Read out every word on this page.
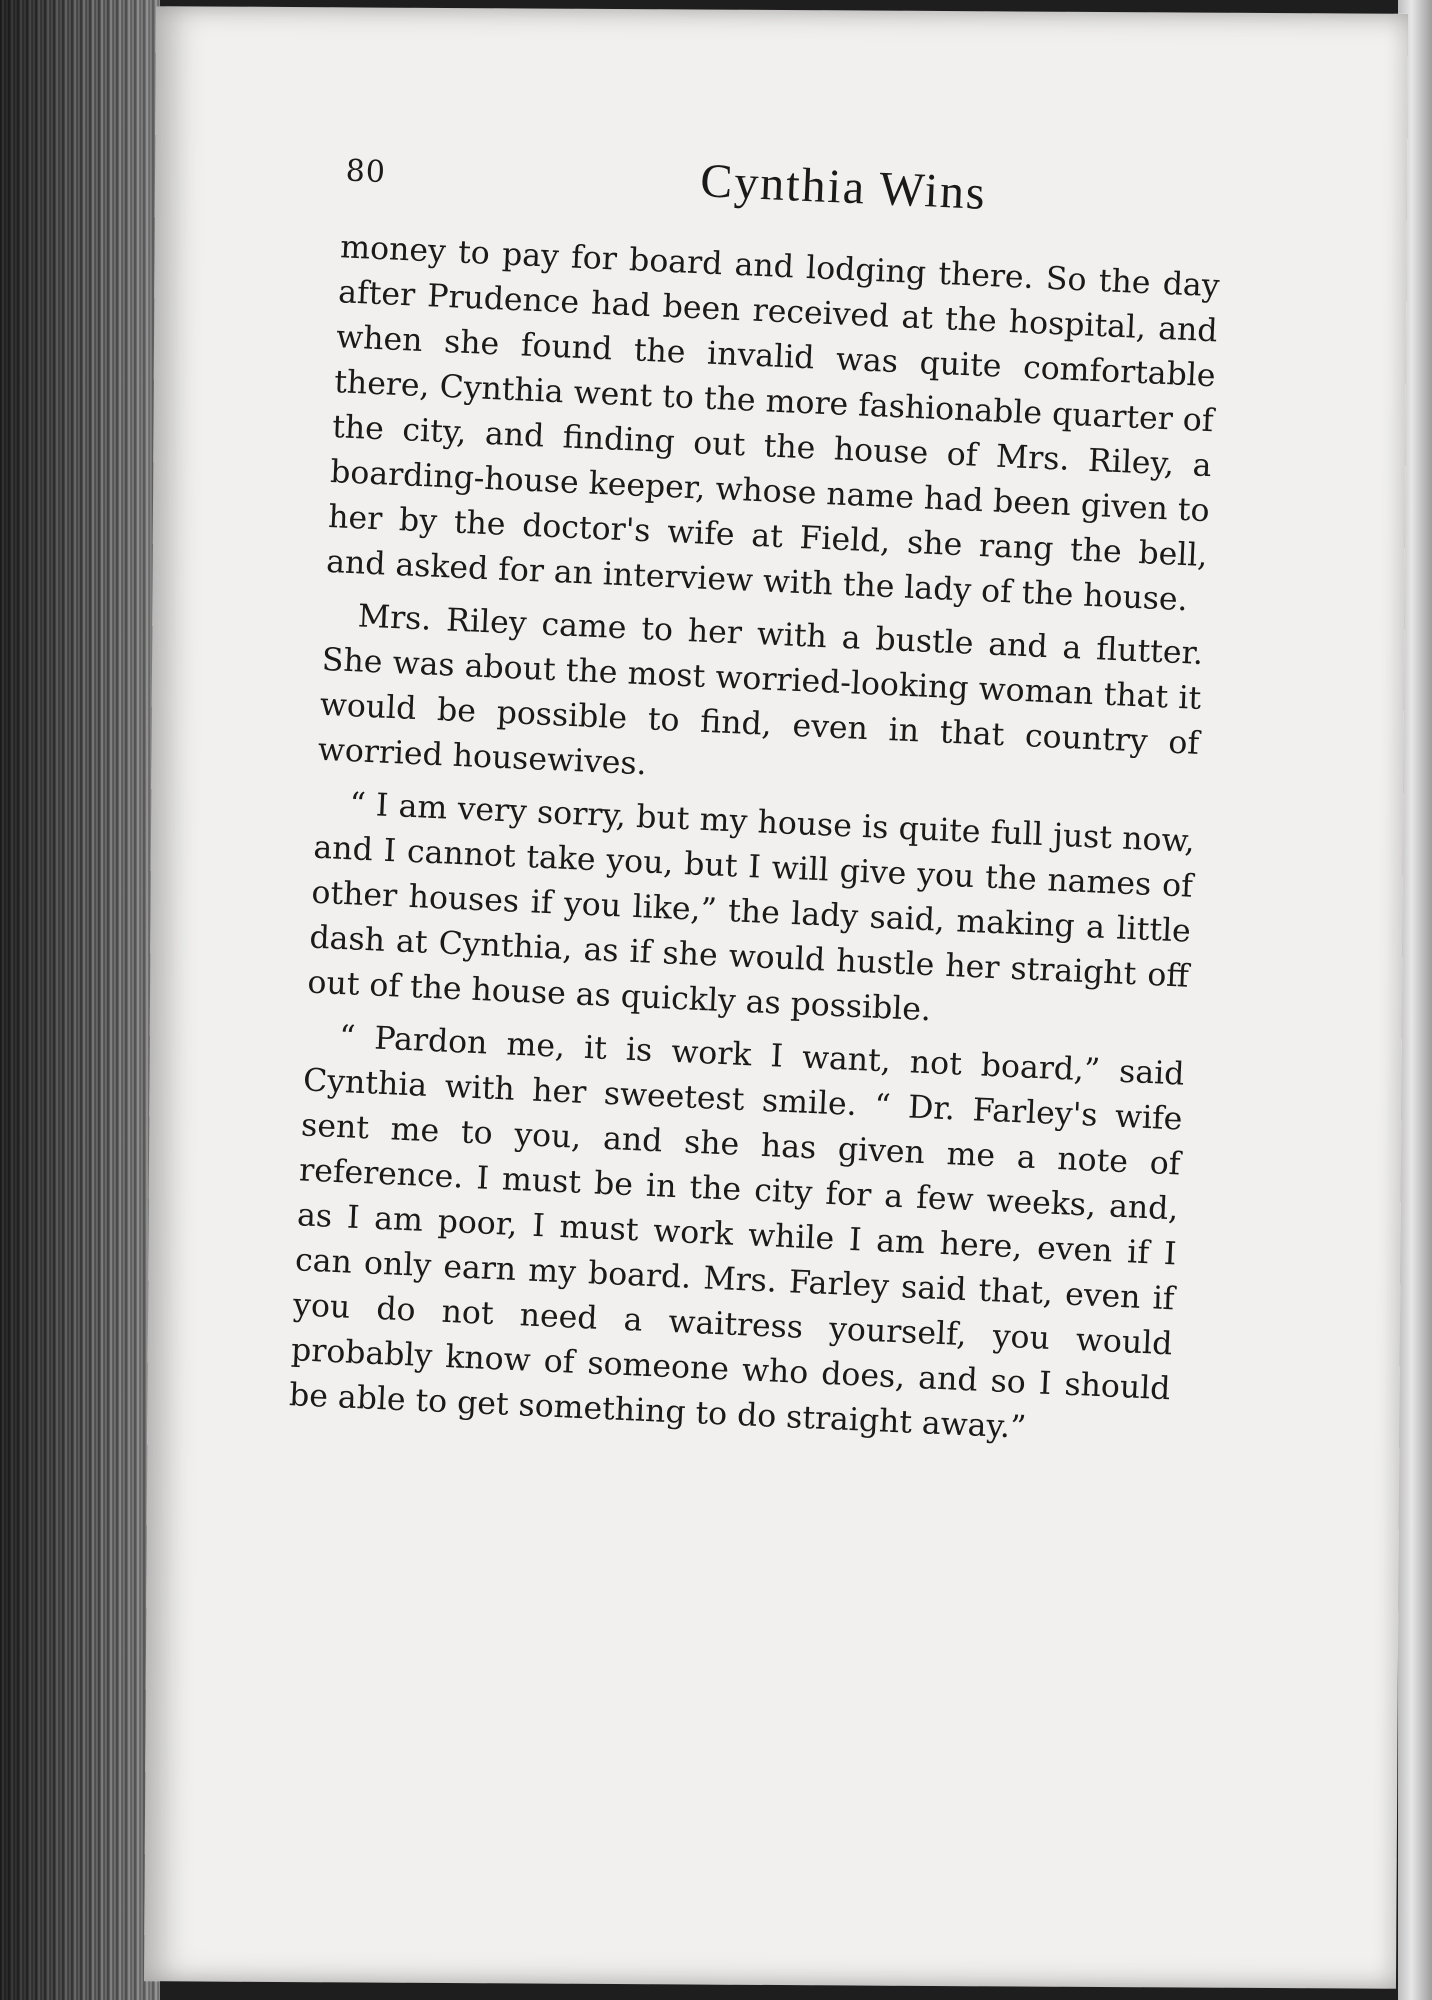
80	Cynthia Wins

money to pay for board and lodging there. So the day after Prudence had been received at the hospital, and when she found the invalid was quite comfortable there, Cynthia went to the more fashionable quarter of the city, and finding out the house of Mrs. Riley, a boarding-house keeper, whose name had been given to her by the doctor's wife at Field, she rang the bell, and asked for an interview with the lady of the house.

Mrs. Riley came to her with a bustle and a flutter. She was about the most worried-looking woman that it would be possible to find, even in that country of worried housewives.

“ I am very sorry, but my house is quite full just now, and I cannot take you, but I will give you the names of other houses if you like,” the lady said, making a little dash at Cynthia, as if she would hustle her straight off out of the house as quickly as possible.

“ Pardon me, it is work I want, not board,” said Cynthia with her sweetest smile. “ Dr. Farley's wife sent me to you, and she has given me a note of reference. I must be in the city for a few weeks, and, as I am poor, I must work while I am here, even if I can only earn my board. Mrs. Farley said that, even if you do not need a waitress yourself, you would probably know of someone who does, and so I should be able to get something to do straight away.”
